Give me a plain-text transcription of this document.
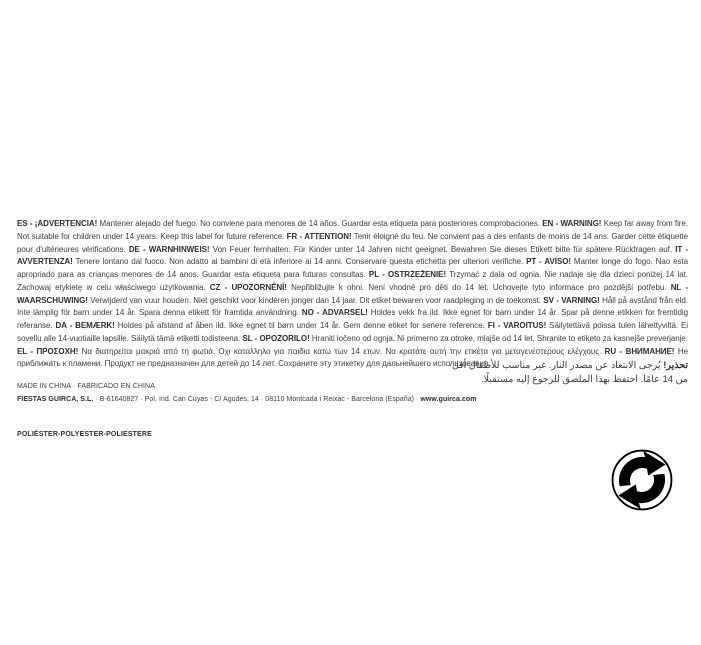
ES - ¡ADVERTENCIA! Mantener alejado del fuego. No conviene para menores de 14 años. Guardar esta etiqueta para posteriores comprobaciones. EN - WARNING! Keep far away from fire. Not suitable for children under 14 years. Keep this label for future reference. FR - ATTENTION! Tenir éloigné du feu. Ne convient pas a des enfants de moins de 14 ans. Garder cette étiquette pour d'ultérieures vérifications. DE - WARNHINWEIS! Von Feuer fernhalten. Für Kinder unter 14 Jahren nicht geeignet. Bewahren Sie dieses Etikett bitte für spätere Rückfragen auf. IT - AVVERTENZA! Tenere lontano dal fuoco. Non adatto ai bambini di età inferiore ai 14 anni. Conservare questa etichetta per ulteriori verifiche. PT - AVISO! Manter longe do fogo. Nao esta apropriado para as crianças menores de 14 anos. Guardar esta etiqueta para futuras consultas. PL - OSTRZEŻENIE! Trzymać z dala od ognia. Nie nadaje się dla dzieci poniżej 14 lat. Zachowaj etykietę w celu właściwego użytkowania. CZ - UPOZORNĚNÍ! Nepřibližujte k ohni. Není vhodné pro děti do 14 let. Uchovejte tyto informace pro pozdější potřebu. NL - WAARSCHUWING! Verwijderd van vuur houden. Niet geschikt voor kinderen jonger dan 14 jaar. Dit etiket bewaren voor raadpleging in de toekomst. SV - VARNING! Håll på avstånd från eld. Inte lämplig för barn under 14 år. Spara denna etikett för framtida användning. NO - ADVARSEL! Holdes vekk fra ild. Ikke egnet for barn under 14 år. Spar på denne etikken for fremtidig referanse. DA - BEMÆRK! Holdes på afstand af åben ild. Ikke egnet til børn under 14 år. Gem denne etiket for senere reference. FI - VAROITUS! Säilytettävä poissa tulen lähettyviltä. Ei sovellu alle 14-vuotiaille lapsille. Säilytä tämä etiketti todisteena. SL - OPOZORILO! Hraniti ločeno od ognja. Ni primerno za otroke, mlajše od 14 let. Shranite to etiketo za kasnejše preverjanje. EL - ΠΡΟΣΟΧΗ! Να διατηρείται μακριά από τη φωτιά. Οχι καταλληλο για παιδια κατω των 14 ετων. Να κρατάτε αυτή την ετικέτα για μεταγενέστερους ελέγχους. RU - ВНИМАНИЕ! Не приближать к пламени. Продукт не предназначен для детей до 14 лет. Сохраните эту этикетку для дальнейшего использования.	تحذير! يُرجى الابتعاد عن مصدر النار. غير مناسب للأطفال أقل
من 14 عامًا. احتفظ بهذا الملصق للرجوع إليه مستقبلًا.
MADE IN CHINA · FABRICADO EN CHINA
FIESTAS GUIRCA, S.L. · B-61640827 · Pol. Ind. Can Cuyas - C/ Agudes, 14 · 08110 Montcada i Reixac - Barcelona (España) · www.guirca.com
POLIÉSTER-POLYESTER-POLIESTERE
